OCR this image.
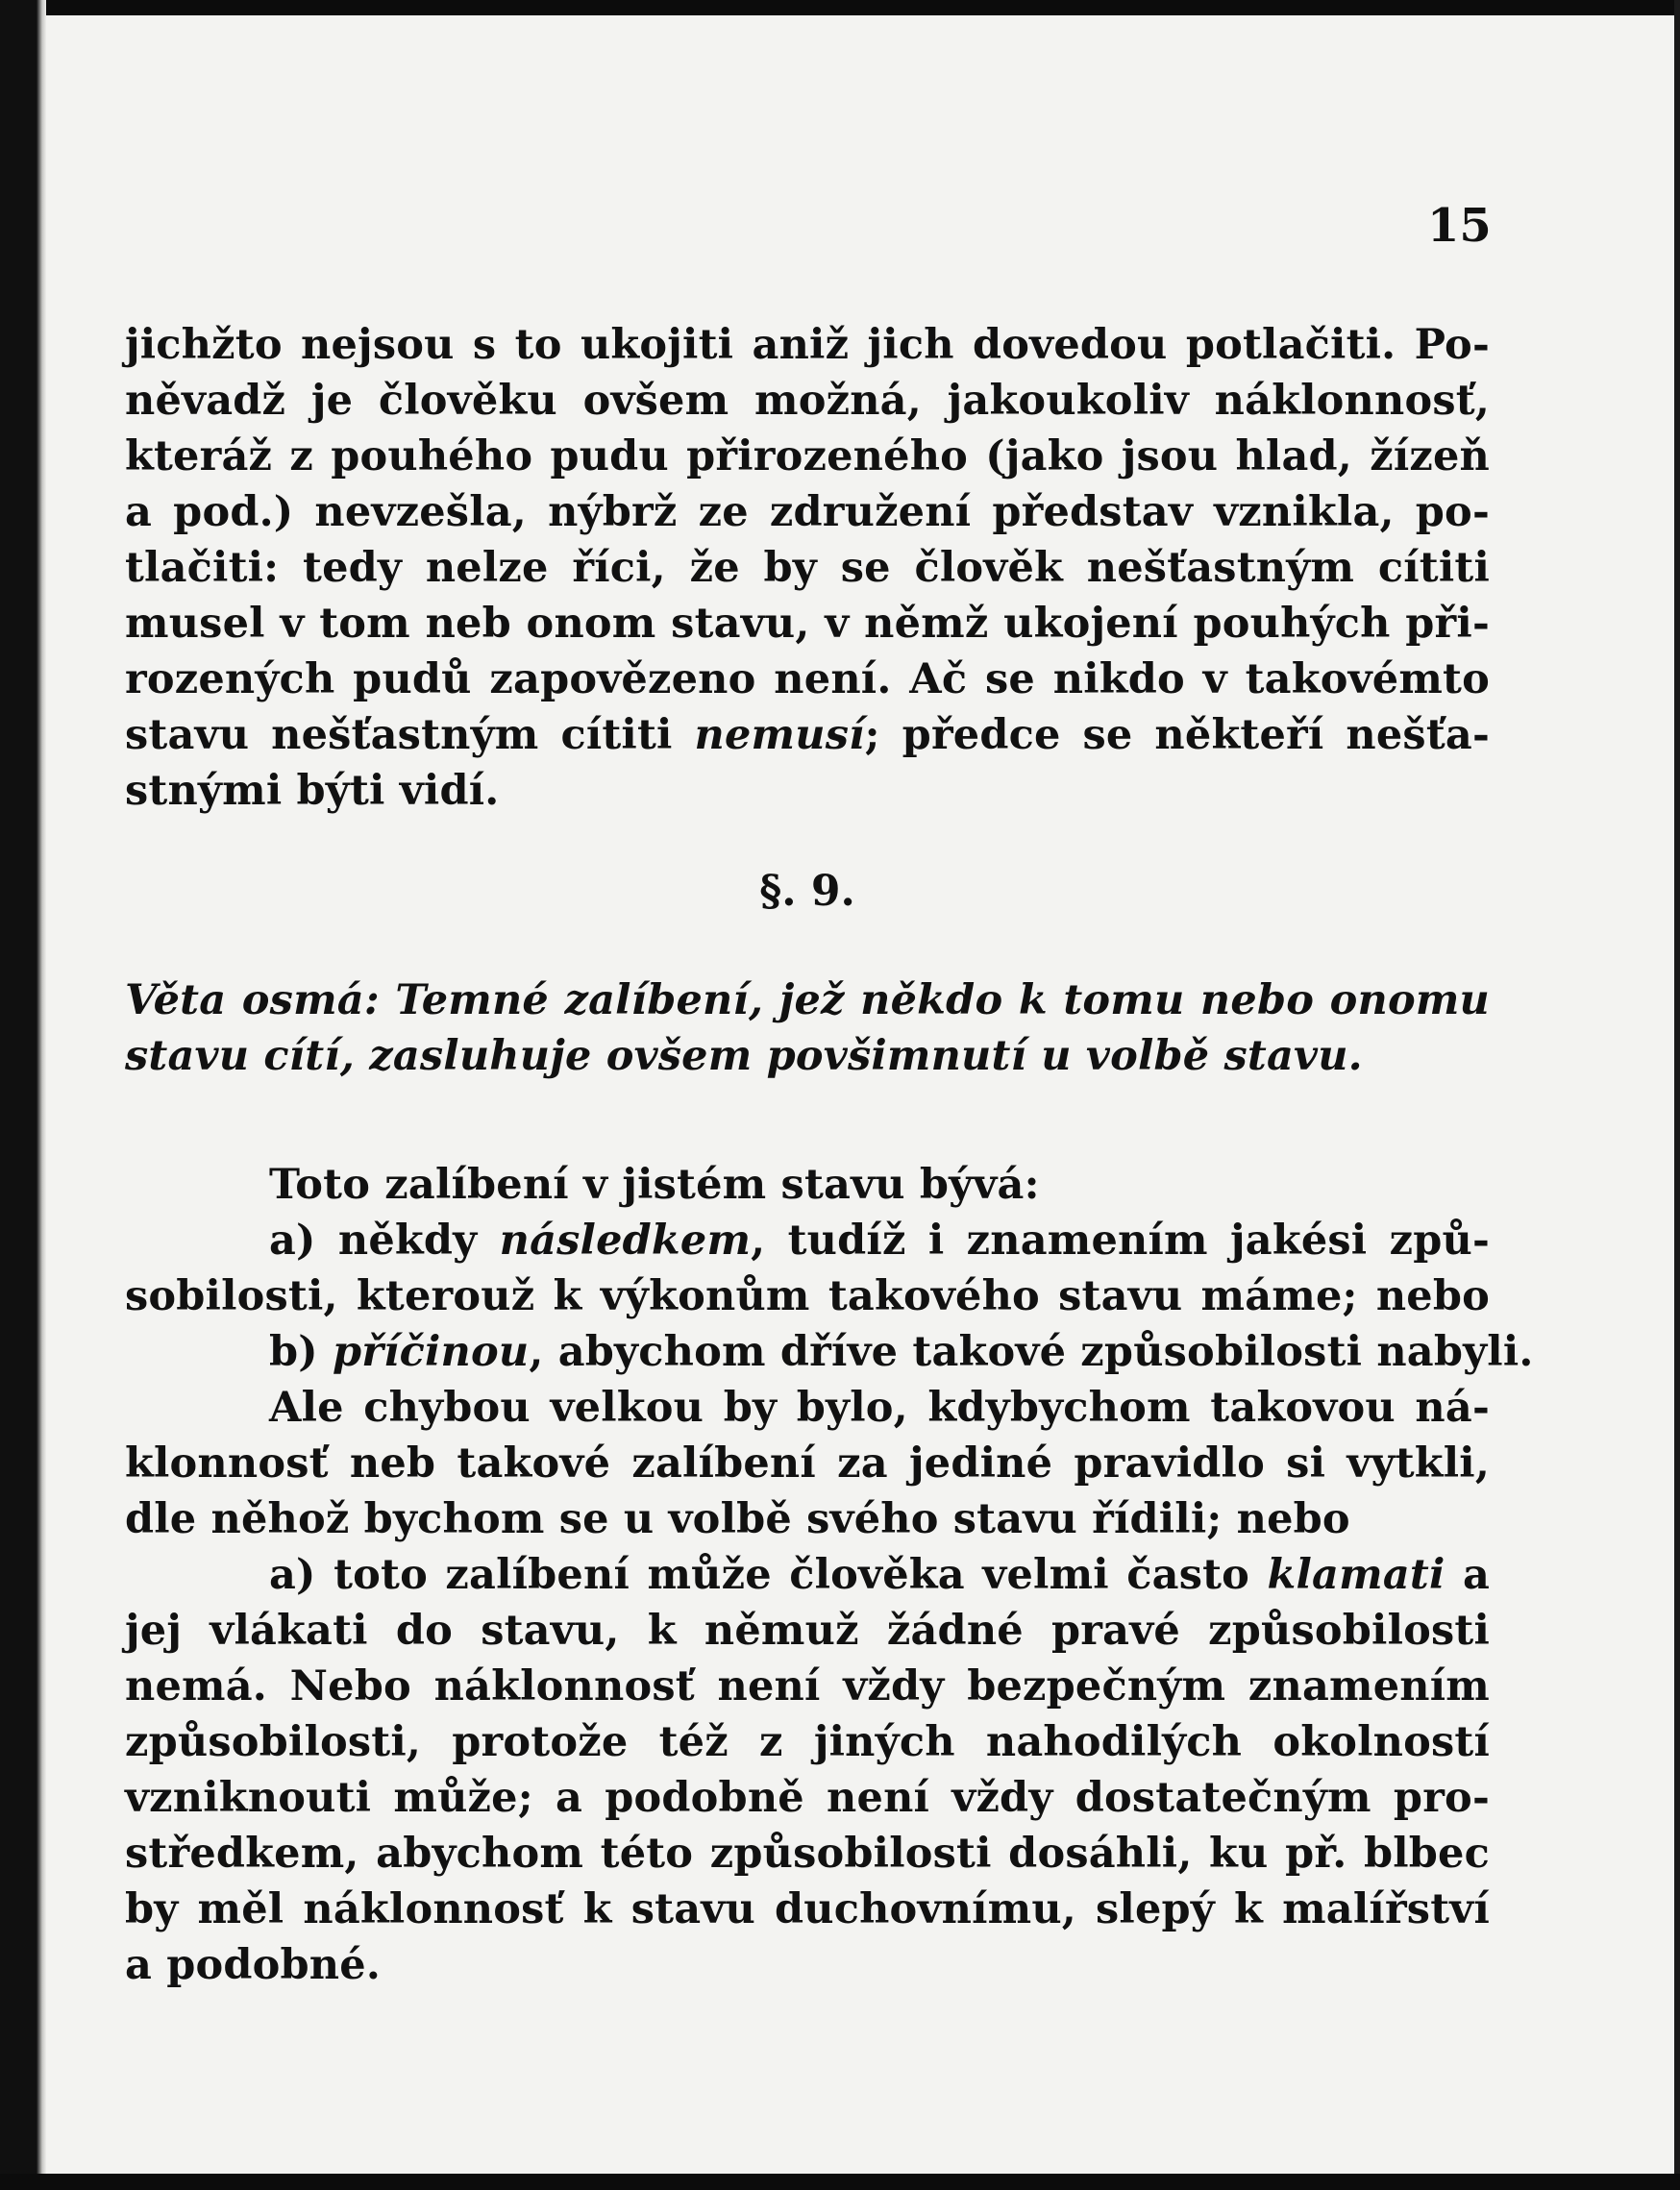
15
jichžto nejsou s to ukojiti aniž jich dovedou potlačiti. Po-
něvadž je člověku ovšem možná, jakoukoliv náklonnosť,
kteráž z pouhého pudu přirozeného (jako jsou hlad, žízeň
a pod.) nevzešla, nýbrž ze združení představ vznikla, po-
tlačiti: tedy nelze říci, že by se člověk nešťastným cítiti
musel v tom neb onom stavu, v němž ukojení pouhých při-
rozených pudů zapovězeno není. Ač se nikdo v takovémto
stavu nešťastným cítiti nemusí; předce se někteří nešťa-
stnými býti vidí.
§. 9.
Věta osmá: Temné zalíbení, jež někdo k tomu nebo onomu
stavu cítí, zasluhuje ovšem povšimnutí u volbě stavu.
Toto zalíbení v jistém stavu bývá:
a) někdy následkem, tudíž i znamením jakési způ-
sobilosti, kterouž k výkonům takového stavu máme; nebo
b) příčinou, abychom dříve takové způsobilosti nabyli.
Ale chybou velkou by bylo, kdybychom takovou ná-
klonnosť neb takové zalíbení za jediné pravidlo si vytkli,
dle něhož bychom se u volbě svého stavu řídili; nebo
a) toto zalíbení může člověka velmi často klamati a
jej vlákati do stavu, k němuž žádné pravé způsobilosti
nemá. Nebo náklonnosť není vždy bezpečným znamením
způsobilosti, protože též z jiných nahodilých okolností
vzniknouti může; a podobně není vždy dostatečným pro-
středkem, abychom této způsobilosti dosáhli, ku př. blbec
by měl náklonnosť k stavu duchovnímu, slepý k malířství
a podobné.
